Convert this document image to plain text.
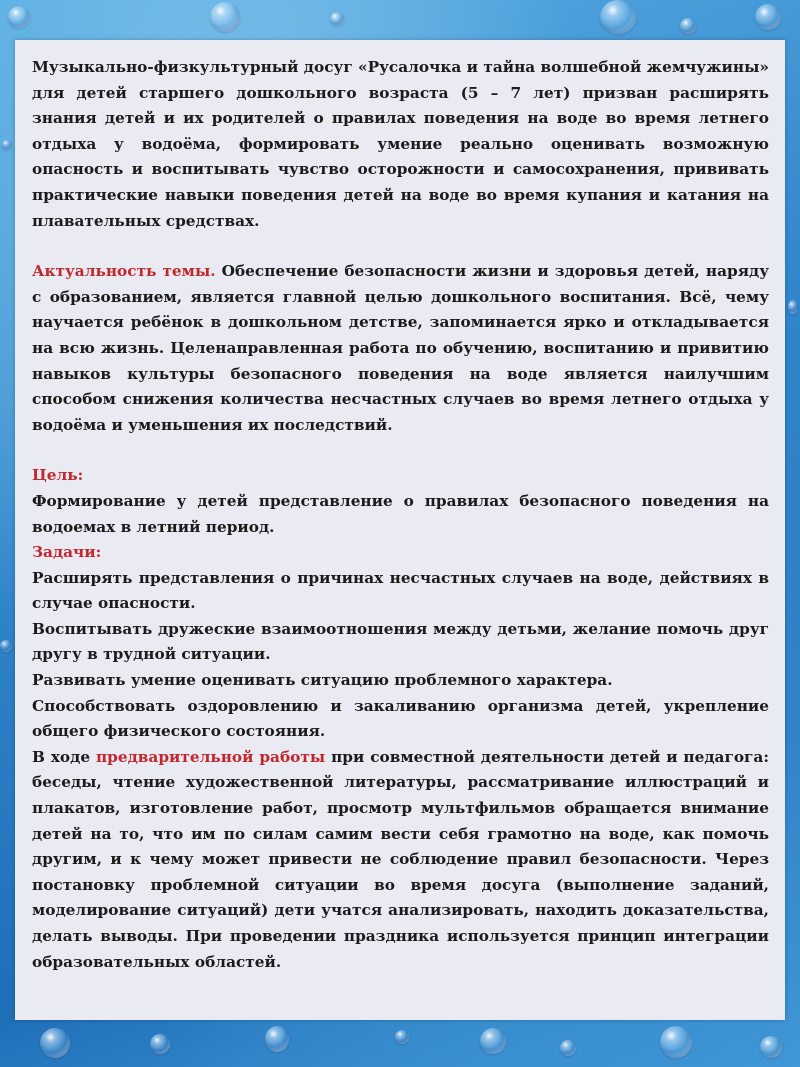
Музыкально-физкультурный досуг «Русалочка и тайна волшебной жемчужины» для детей старшего дошкольного возраста (5 – 7 лет) призван расширять знания детей и их родителей о правилах поведения на воде во время летнего отдыха у водоёма, формировать умение реально оценивать возможную опасность и воспитывать чувство осторожности и самосохранения, прививать практические навыки поведения детей на воде во время купания и катания на плавательных средствах.

Актуальность темы. Обеспечение безопасности жизни и здоровья детей, наряду с образованием, является главной целью дошкольного воспитания. Всё, чему научается ребёнок в дошкольном детстве, запоминается ярко и откладывается на всю жизнь. Целенаправленная работа по обучению, воспитанию и привитию навыков культуры безопасного поведения на воде является наилучшим способом снижения количества несчастных случаев во время летнего отдыха у водоёма и уменьшения их последствий.

Цель:

Формирование у детей представление о правилах безопасного поведения на водоемах в летний период.

Задачи:

Расширять представления о причинах несчастных случаев на воде, действиях в случае опасности.

Воспитывать дружеские взаимоотношения между детьми, желание помочь друг другу в трудной ситуации.

Развивать умение оценивать ситуацию проблемного характера.

Способствовать оздоровлению и закаливанию организма детей, укрепление общего физического состояния.

В ходе предварительной работы при совместной деятельности детей и педагога: беседы, чтение художественной литературы, рассматривание иллюстраций и плакатов, изготовление работ, просмотр мультфильмов обращается внимание детей на то, что им по силам самим вести себя грамотно на воде, как помочь другим, и к чему может привести не соблюдение правил безопасности. Через постановку проблемной ситуации во время досуга (выполнение заданий, моделирование ситуаций) дети учатся анализировать, находить доказательства, делать выводы. При проведении праздника используется принцип интеграции образовательных областей.
